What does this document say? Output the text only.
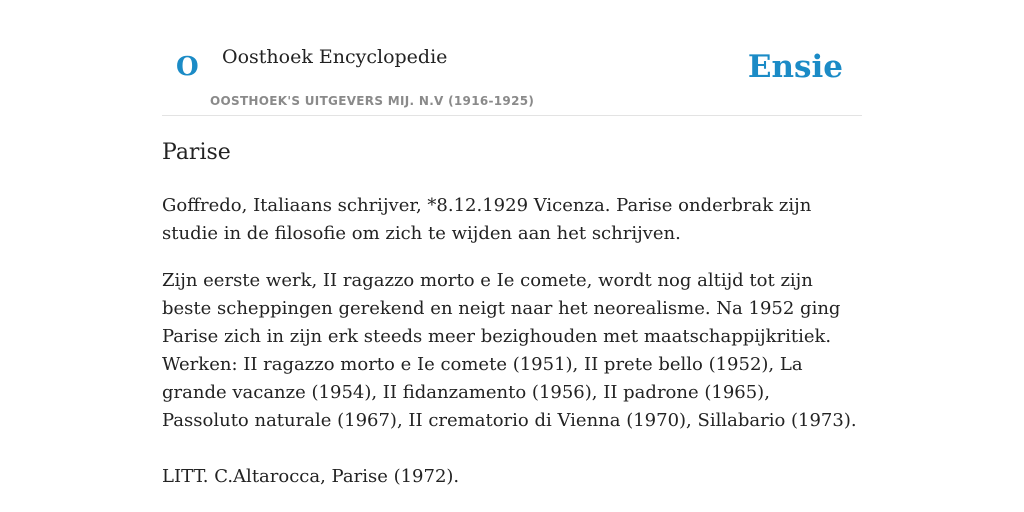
O Oosthoek Encyclopedie
OOSTHOEK'S UITGEVERS MIJ. N.V (1916-1925)
Ensie
Parise

Goffredo, Italiaans schrijver, *8.12.1929 Vicenza. Parise onderbrak zijn studie in de filosofie om zich te wijden aan het schrijven.

Zijn eerste werk, II ragazzo morto e Ie comete, wordt nog altijd tot zijn beste scheppingen gerekend en neigt naar het neorealisme. Na 1952 ging Parise zich in zijn erk steeds meer bezighouden met maatschappijkritiek. Werken: II ragazzo morto e Ie comete (1951), II prete bello (1952), La grande vacanze (1954), II fidanzamento (1956), II padrone (1965), Passoluto naturale (1967), II crematorio di Vienna (1970), Sillabario (1973).

LITT. C.Altarocca, Parise (1972).
